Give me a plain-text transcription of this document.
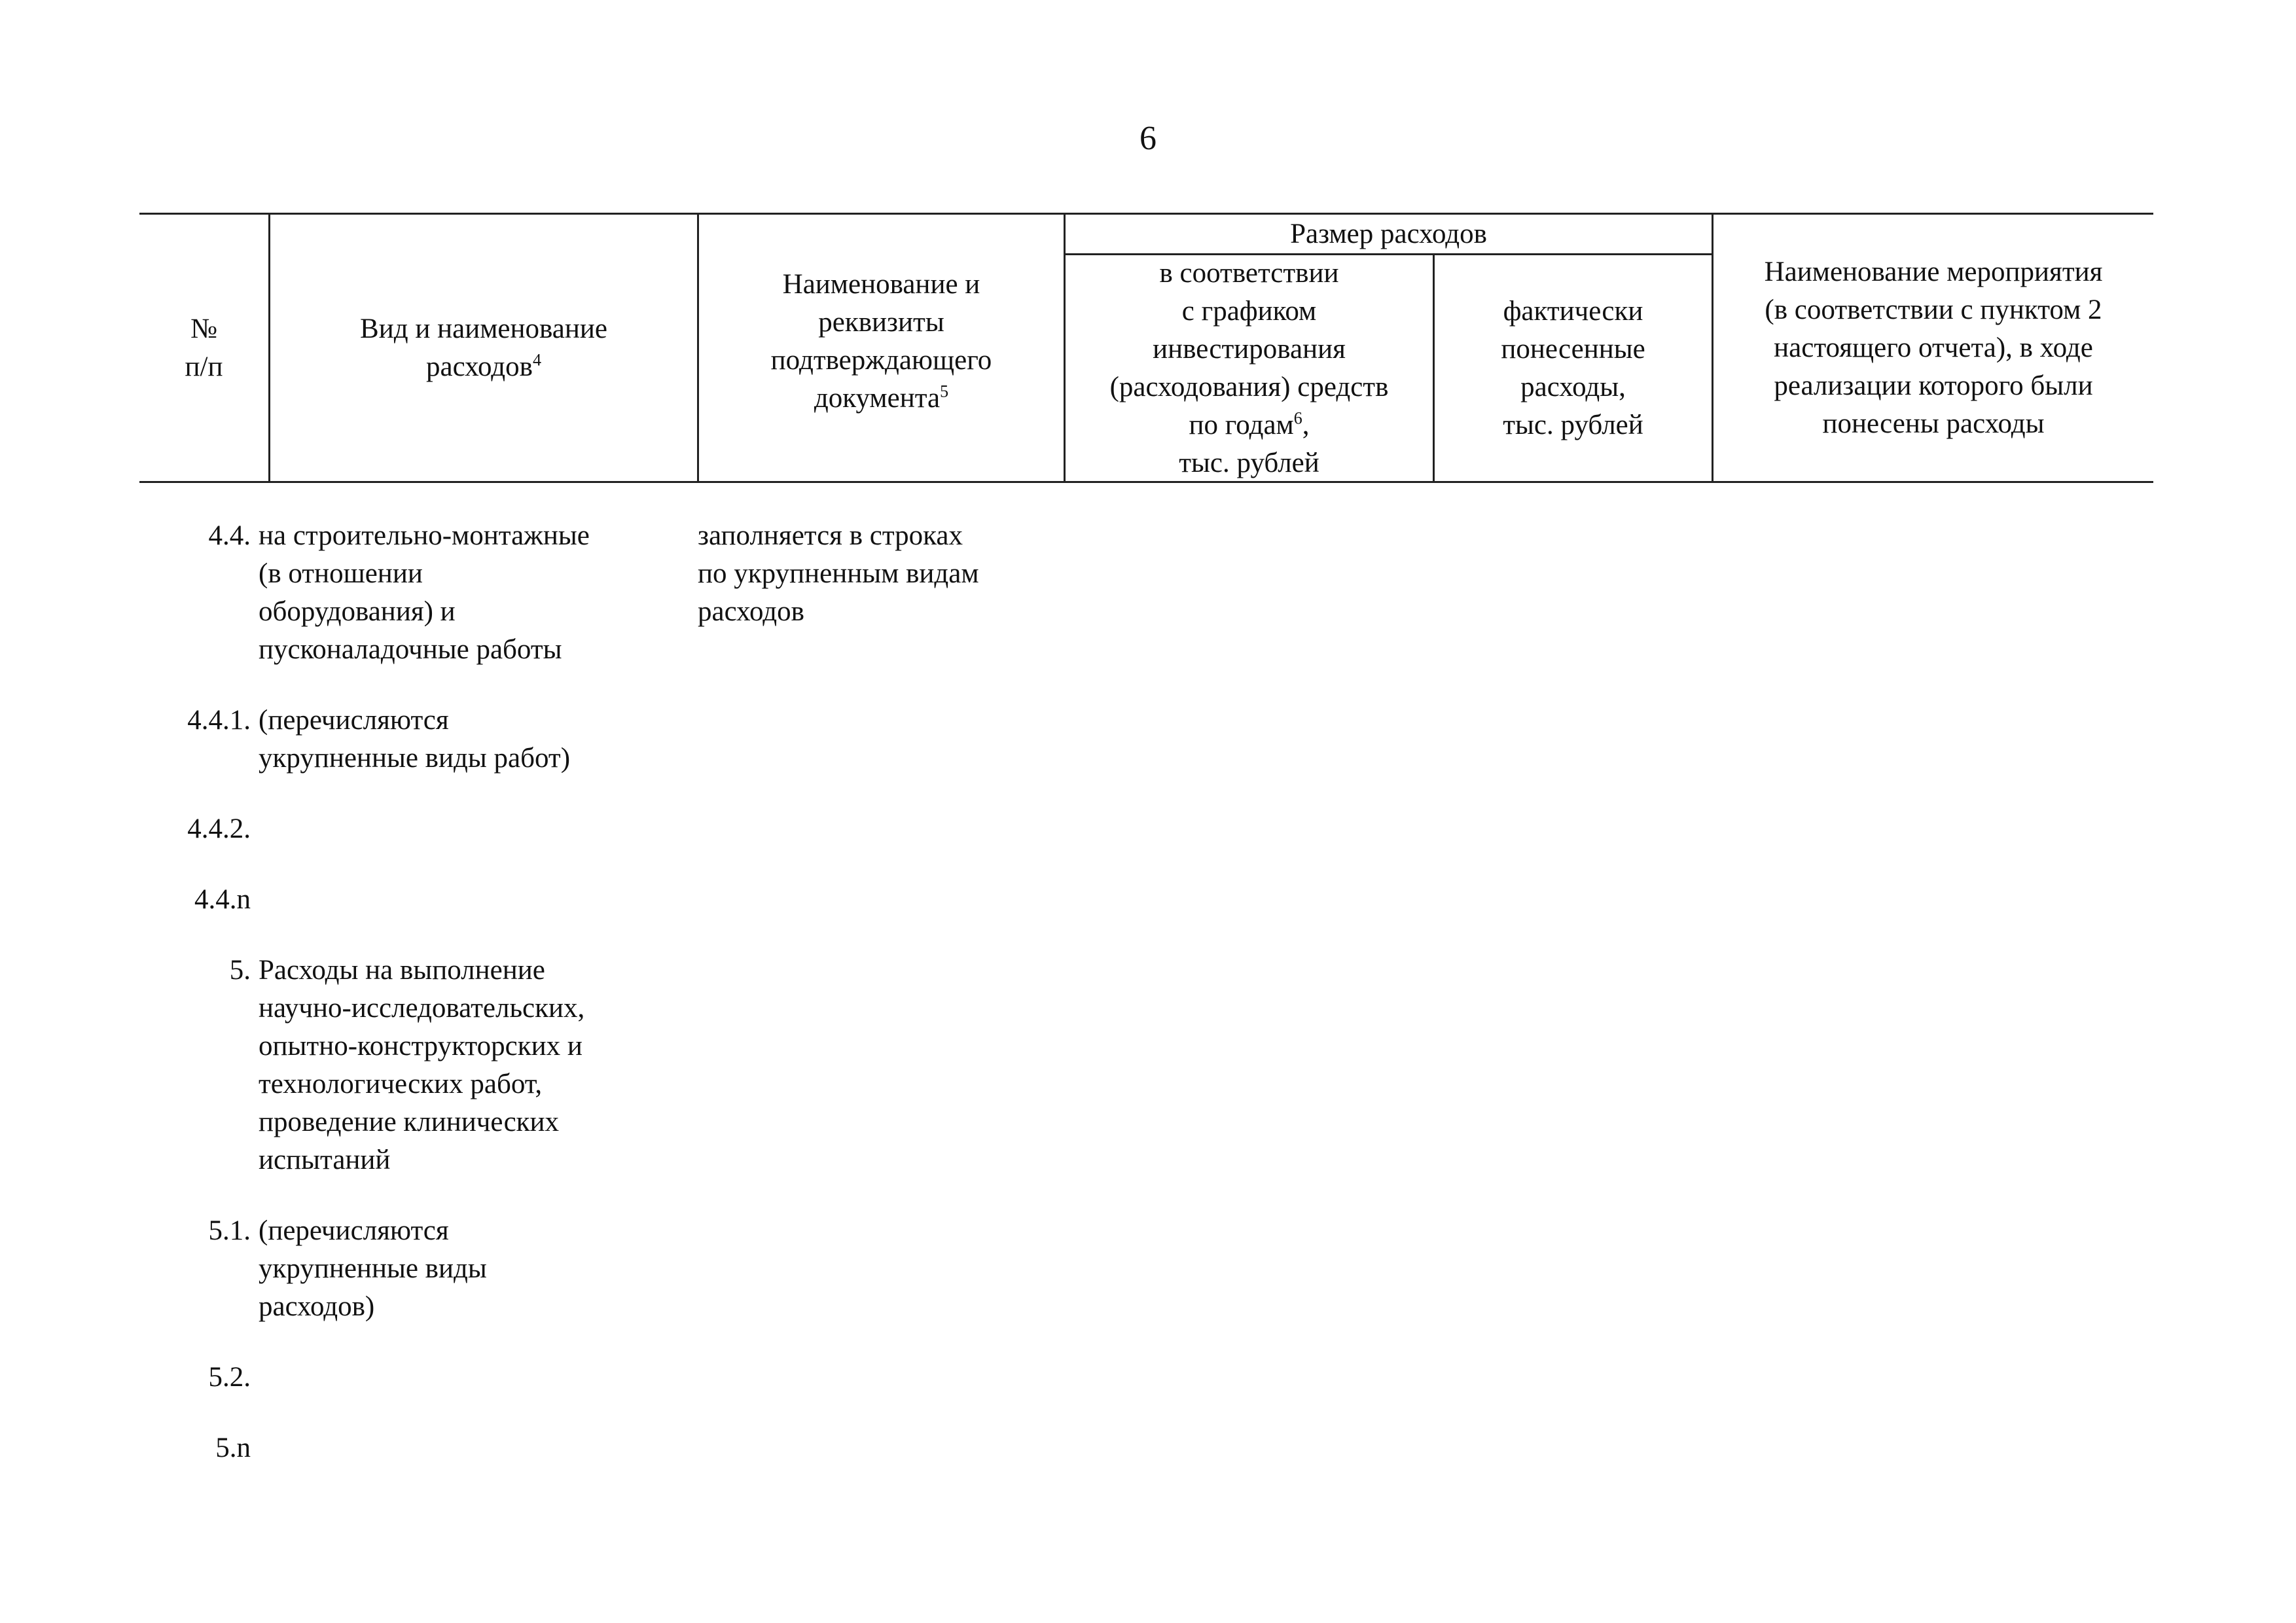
6
№
п/п
Вид и наименование
расходов$^4$
Наименование и
реквизиты
подтверждающего
документа$^5$
Размер расходов
в соответствии
с графиком
инвестирования
(расходования) средств
по годам$^6$,
тыс. рублей
фактически
понесенные
расходы,
тыс. рублей
Наименование мероприятия
(в соответствии с пунктом 2
настоящего отчета), в ходе
реализации которого были
понесены расходы
4.4. на строительно-монтажные
(в отношении
оборудования) и
пусконаладочные работы
заполняется в строках
по укрупненным видам
расходов
4.4.1. (перечисляются
укрупненные виды работ)
4.4.2.
4.4.n
5. Расходы на выполнение
научно-исследовательских,
опытно-конструкторских и
технологических работ,
проведение клинических
испытаний
5.1. (перечисляются
укрупненные виды
расходов)
5.2.
5.n
